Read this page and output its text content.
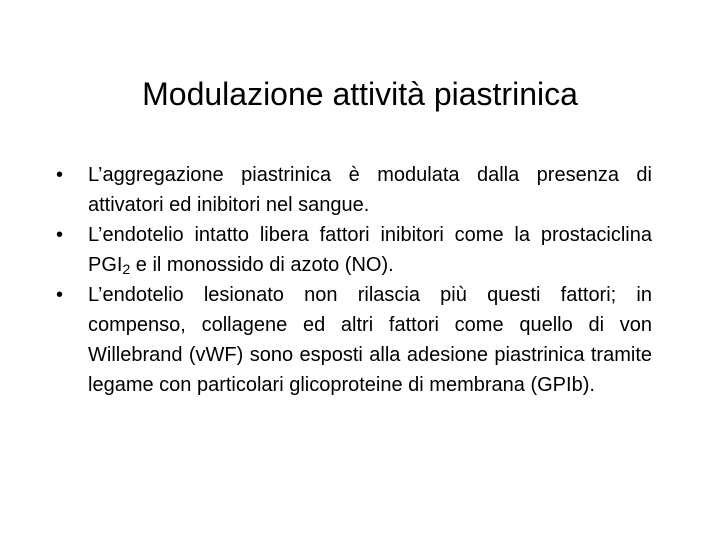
Modulazione attività piastrinica
• L’aggregazione piastrinica è modulata dalla presenza di attivatori ed inibitori nel sangue.
• L’endotelio intatto libera fattori inibitori come la prostaciclina $PGI_2$ e il monossido di azoto (NO).
• L’endotelio lesionato non rilascia più questi fattori; in compenso, collagene ed altri fattori come quello di von Willebrand (vWF) sono esposti alla adesione piastrinica tramite legame con particolari glicoproteine di membrana (GPIb).
